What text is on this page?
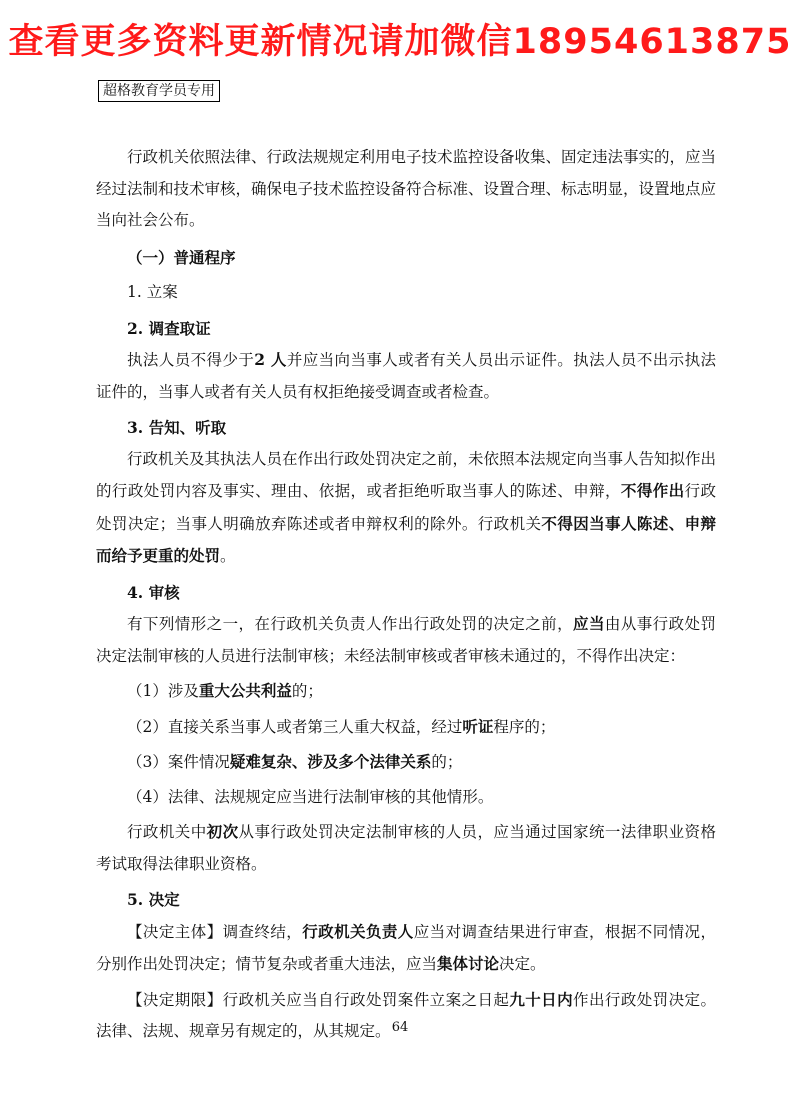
查看更多资料更新情况请加微信18954613875
超格教育学员专用

行政机关依照法律、行政法规规定利用电子技术监控设备收集、固定违法事实的，应当经过法制和技术审核，确保电子技术监控设备符合标准、设置合理、标志明显，设置地点应当向社会公布。

（一）普通程序

1. 立案

2. 调查取证

执法人员不得少于2 人并应当向当事人或者有关人员出示证件。执法人员不出示执法证件的，当事人或者有关人员有权拒绝接受调查或者检查。

3. 告知、听取

行政机关及其执法人员在作出行政处罚决定之前，未依照本法规定向当事人告知拟作出的行政处罚内容及事实、理由、依据，或者拒绝听取当事人的陈述、申辩，不得作出行政处罚决定；当事人明确放弃陈述或者申辩权利的除外。行政机关不得因当事人陈述、申辩而给予更重的处罚。

4. 审核

有下列情形之一，在行政机关负责人作出行政处罚的决定之前，应当由从事行政处罚决定法制审核的人员进行法制审核；未经法制审核或者审核未通过的，不得作出决定：

（1）涉及重大公共利益的；

（2）直接关系当事人或者第三人重大权益，经过听证程序的；

（3）案件情况疑难复杂、涉及多个法律关系的；

（4）法律、法规规定应当进行法制审核的其他情形。

行政机关中初次从事行政处罚决定法制审核的人员，应当通过国家统一法律职业资格考试取得法律职业资格。

5. 决定

【决定主体】调查终结，行政机关负责人应当对调查结果进行审查，根据不同情况，分别作出处罚决定；情节复杂或者重大违法，应当集体讨论决定。

【决定期限】行政机关应当自行政处罚案件立案之日起九十日内作出行政处罚决定。法律、法规、规章另有规定的，从其规定。 64
